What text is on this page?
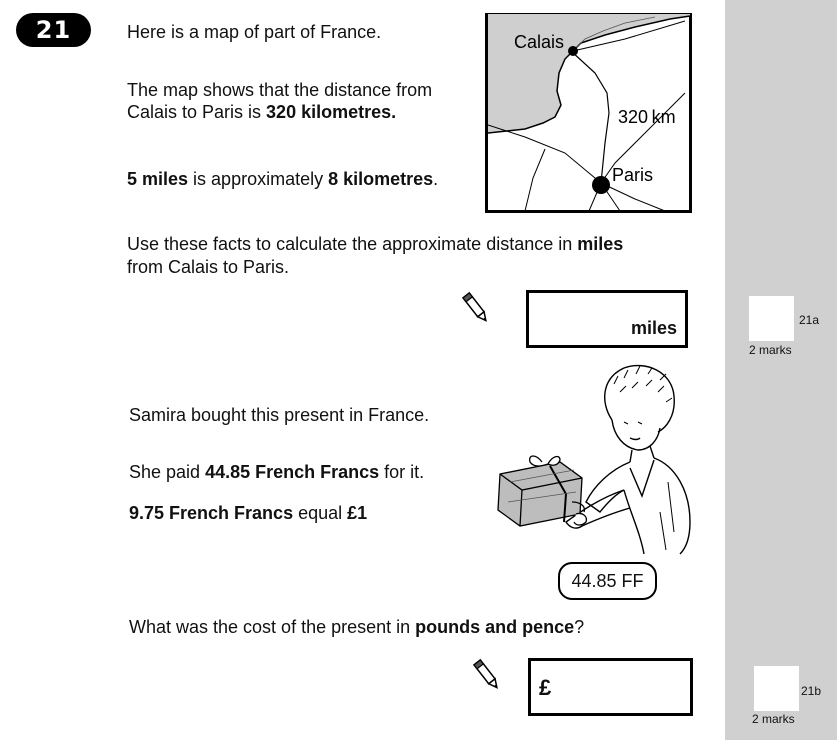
21	Here is a map of part of France.
The map shows that the distance from
Calais to Paris is 320 kilometres.
5 miles is approximately 8 kilometres.
Use these facts to calculate the approximate distance in miles
from Calais to Paris.
Calais
Paris
320 km
miles	21a
2 marks
Samira bought this present in France.
She paid 44.85 French Francs for it.
9.75 French Francs equal £1
44.85 FF
What was the cost of the present in pounds and pence?
£	21b
2 marks
